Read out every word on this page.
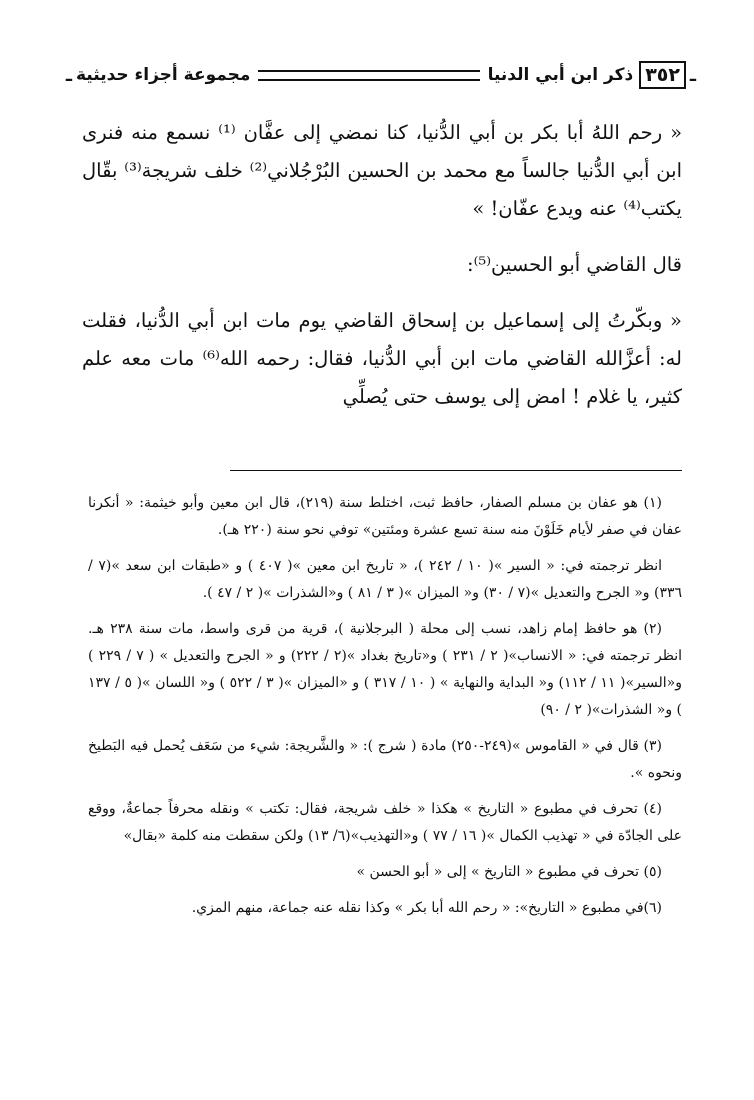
ـ
٣٥٢
ذكر ابن أبي الدنيا
مجموعة أجزاء حديثية
ـ

« رحم اللهُ أبا بكر بن أبي الدُّنيا، كنا نمضي إلى عفَّان ⁽¹⁾ نسمع منه فنرى ابن أبي الدُّنيا جالساً مع محمد بن الحسين البُرْجُلاني⁽²⁾ خلف شريجة⁽³⁾ بقّال يكتب⁽⁴⁾ عنه ويدع عفّان! »

قال القاضي أبو الحسين⁽⁵⁾:

« وبكّرتُ إلى إسماعيل بن إسحاق القاضي يوم مات ابن أبي الدُّنيا، فقلت له: أعزَّالله القاضي مات ابن أبي الدُّنيا، فقال: رحمه الله⁽⁶⁾ مات معه علم كثير، يا غلام ! امض إلى يوسف حتى يُصلِّي

(١) هو عفان بن مسلم الصفار، حافظ ثبت، اختلط سنة (٢١٩)، قال ابن معين وأبو خيثمة: « أنكرنا عفان في صفر لأيام خَلَوْنَ منه سنة تسع عشرة ومئتين» توفي نحو سنة (٢٢٠ هـ).

انظر ترجمته في: « السير »( ١٠ / ٢٤٢ )، « تاريخ ابن معين »( ٤٠٧ ) و «طبقات ابن سعد »(٧ / ٣٣٦) و« الجرح والتعديل »(٧ / ٣٠) و« الميزان »( ٣ / ٨١ ) و«الشذرات »( ٢ / ٤٧ ).

(٢) هو حافظ إمام زاهد، نسب إلى محلة ( البرجلانية )، قرية من قرى واسط، مات سنة ٢٣٨ هـ. انظر ترجمته في: « الانساب»( ٢ / ٢٣١ ) و«تاريخ بغداد »(٢ / ٢٢٢) و « الجرح والتعديل » ( ٧ / ٢٢٩ ) و«السير»( ١١ / ١١٢) و« البداية والنهاية » ( ١٠ / ٣١٧ ) و «الميزان »( ٣ / ٥٢٢ ) و« اللسان »( ٥ / ١٣٧ ) و« الشذرات»( ٢ / ٩٠)

(٣) قال في « القاموس »(٢٤٩-٢٥٠) مادة ( شرج ): « والشَّريجة: شيء من سَعَف يُحمل فيه البَطيخ ونحوه ».

(٤) تحرف في مطبوع « التاريخ » هكذا « خلف شريجة، فقال: تكتب » ونقله محرفاً جماعةٌ، ووقع على الجادّة في « تهذيب الكمال »( ١٦ / ٧٧ ) و«التهذيب»(٦/ ١٣) ولكن سقطت منه كلمة «بقال»

(٥) تحرف في مطبوع « التاريخ » إلى « أبو الحسن »

(٦)في مطبوع « التاريخ»: « رحم الله أبا بكر » وكذا نقله عنه جماعة، منهم المزي.
